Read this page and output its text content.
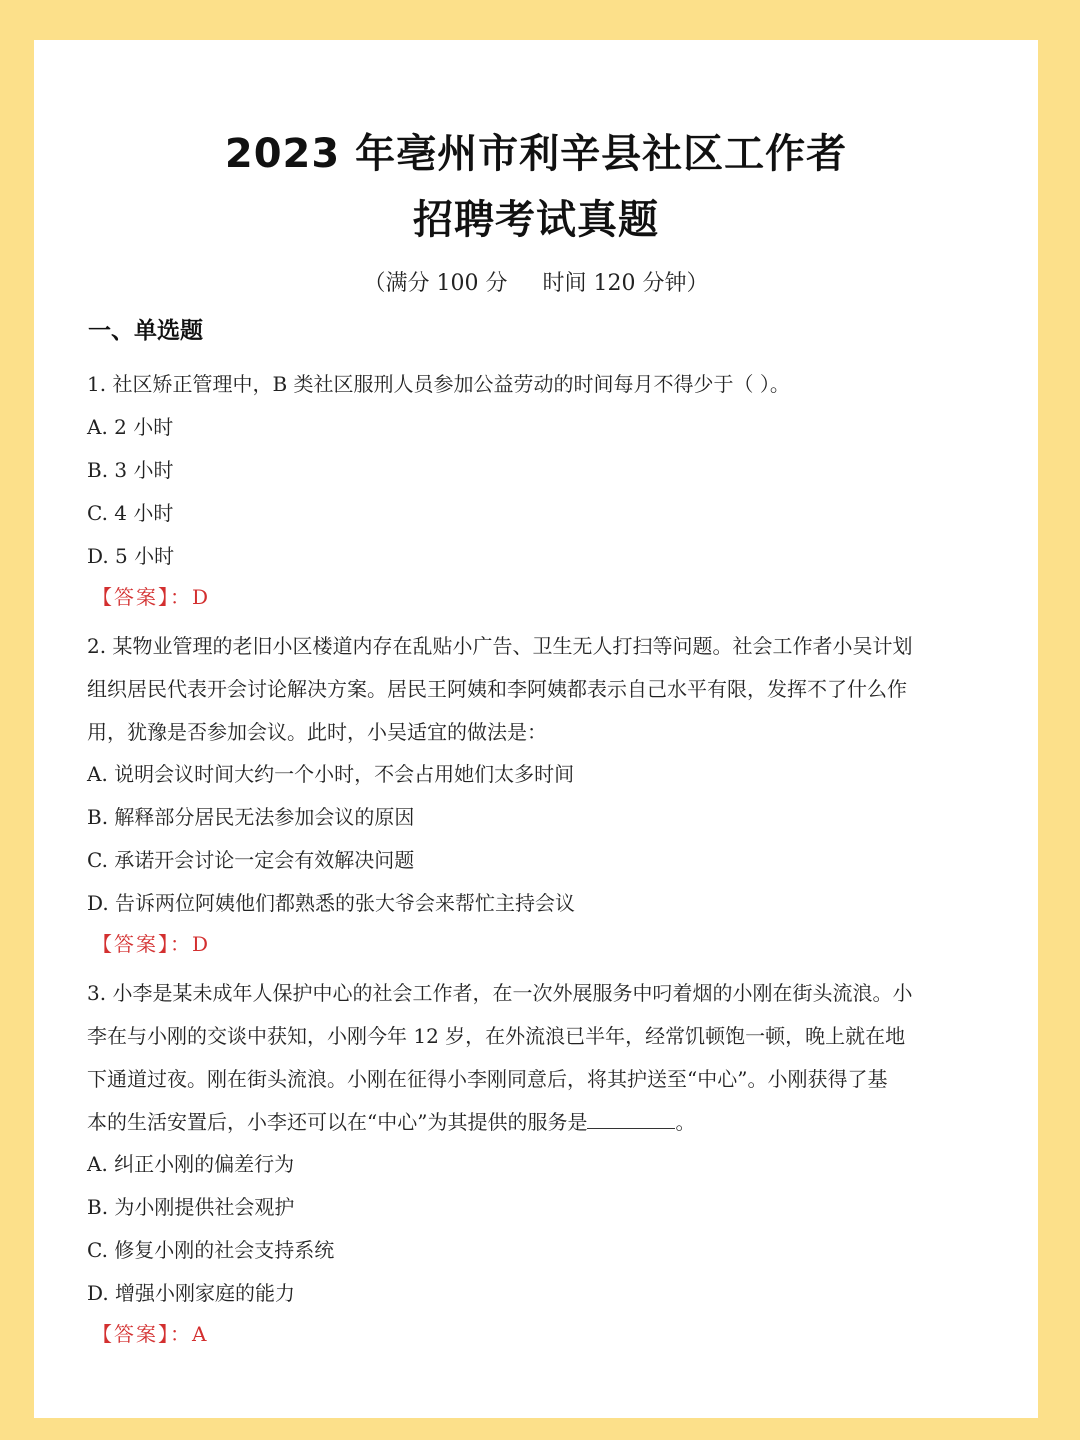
2023 年亳州市利辛县社区工作者
招聘考试真题

（满分 100 分     时间 120 分钟）

一、单选题

1. 社区矫正管理中，B 类社区服刑人员参加公益劳动的时间每月不得少于（ ）。

A. 2 小时

B. 3 小时

C. 4 小时

D. 5 小时

【答案】：D

2. 某物业管理的老旧小区楼道内存在乱贴小广告、卫生无人打扫等问题。社会工作者小吴计划

组织居民代表开会讨论解决方案。居民王阿姨和李阿姨都表示自己水平有限，发挥不了什么作

用，犹豫是否参加会议。此时，小吴适宜的做法是：

A. 说明会议时间大约一个小时，不会占用她们太多时间

B. 解释部分居民无法参加会议的原因

C. 承诺开会讨论一定会有效解决问题

D. 告诉两位阿姨他们都熟悉的张大爷会来帮忙主持会议

【答案】：D

3. 小李是某未成年人保护中心的社会工作者，在一次外展服务中叼着烟的小刚在街头流浪。小

李在与小刚的交谈中获知，小刚今年 12 岁，在外流浪已半年，经常饥顿饱一顿，晚上就在地

下通道过夜。刚在街头流浪。小刚在征得小李刚同意后，将其护送至“中心”。小刚获得了基

本的生活安置后，小李还可以在“中心”为其提供的服务是	。

A. 纠正小刚的偏差行为

B. 为小刚提供社会观护

C. 修复小刚的社会支持系统

D. 增强小刚家庭的能力

【答案】：A
